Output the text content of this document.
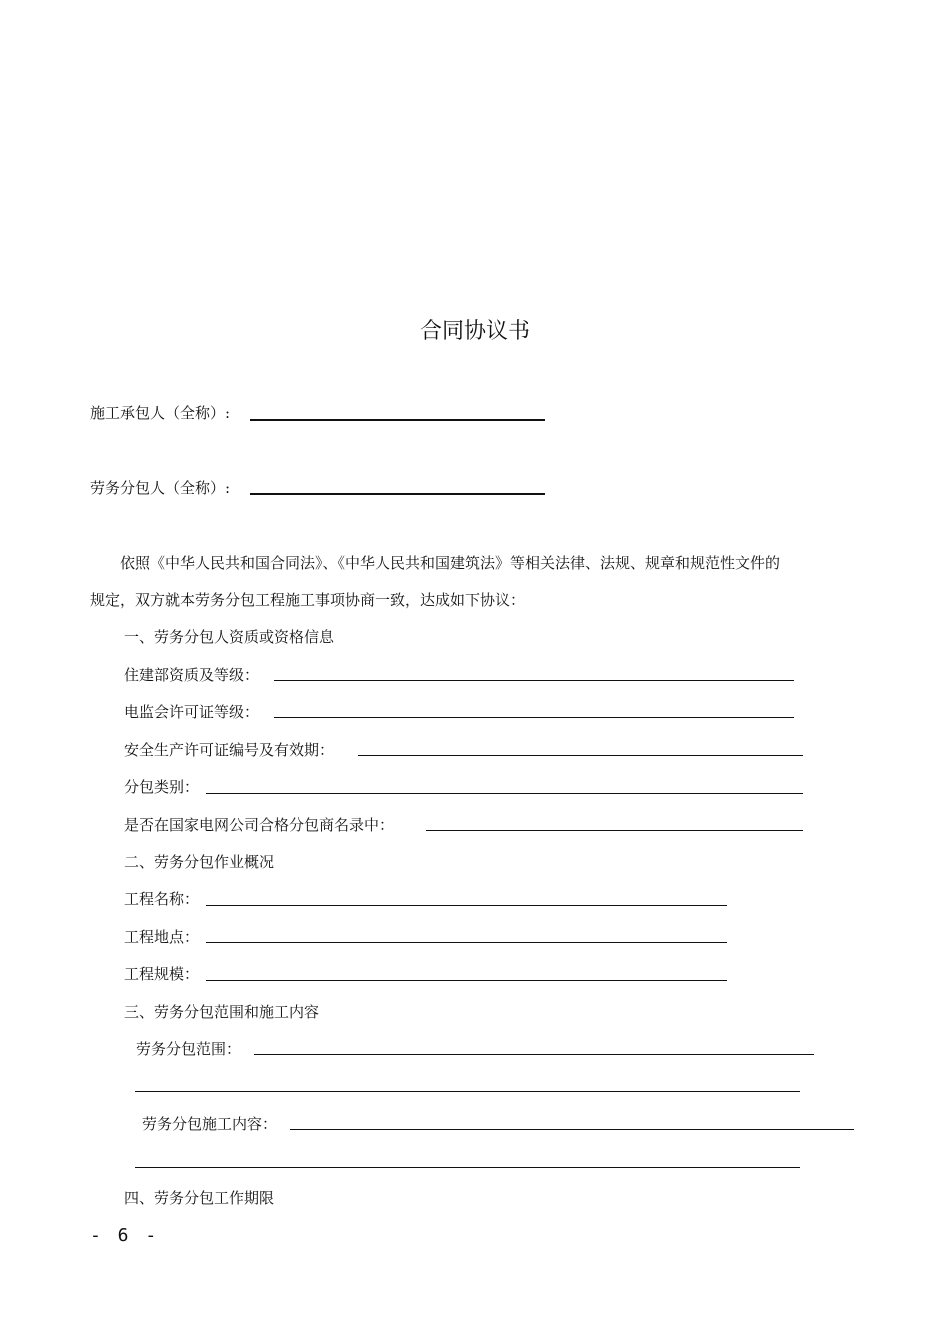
合同协议书
施工承包人（全称）:
劳务分包人（全称）:
依照《中华人民共和国合同法》、《中华人民共和国建筑法》等相关法律、法规、规章和规范性文件的
规定，双方就本劳务分包工程施工事项协商一致，达成如下协议：
一、劳务分包人资质或资格信息
住建部资质及等级：
电监会许可证等级：
安全生产许可证编号及有效期：
分包类别：
是否在国家电网公司合格分包商名录中：
二、劳务分包作业概况
工程名称：
工程地点：
工程规模：
三、劳务分包范围和施工内容
劳务分包范围：
劳务分包施工内容：
四、劳务分包工作期限
- 6 -
